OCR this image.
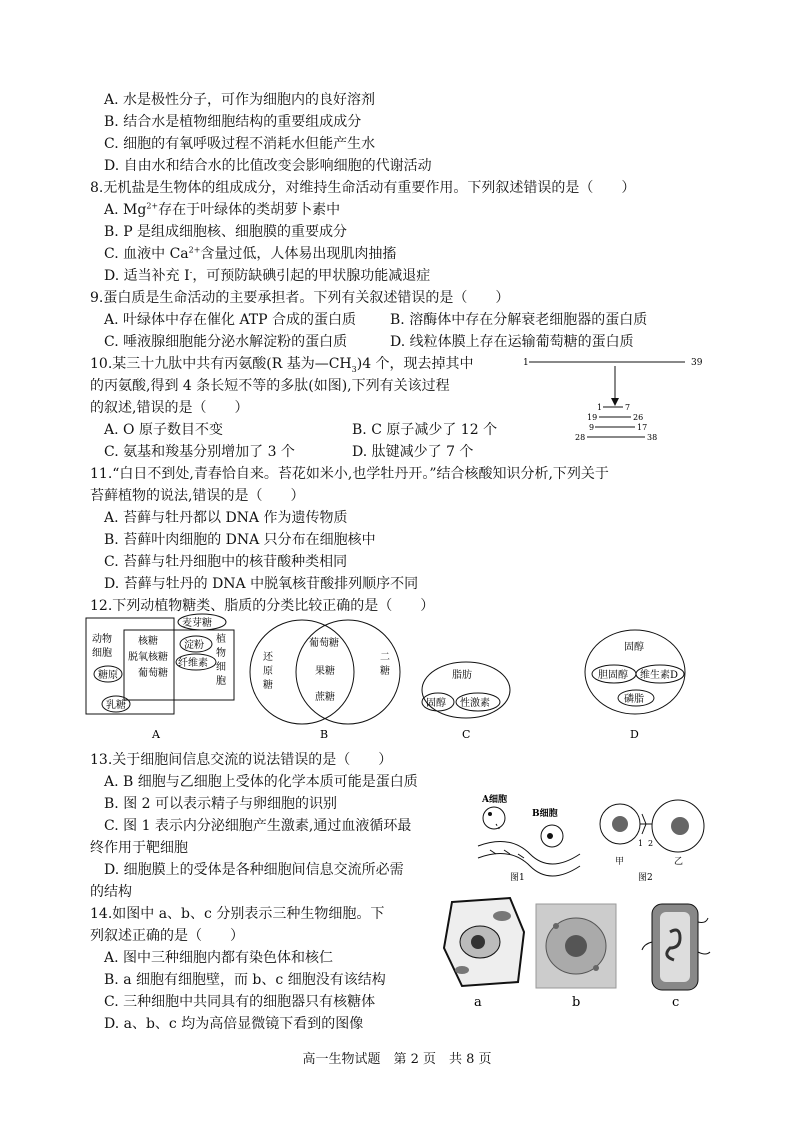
A. 水是极性分子，可作为细胞内的良好溶剂
B. 结合水是植物细胞结构的重要组成成分
C. 细胞的有氧呼吸过程不消耗水但能产生水
D. 自由水和结合水的比值改变会影响细胞的代谢活动
8.无机盐是生物体的组成成分，对维持生命活动有重要作用。下列叙述错误的是（　　）
A. $Mg^{2+}$存在于叶绿体的类胡萝卜素中
B. P 是组成细胞核、细胞膜的重要成分
C. 血液中 $Ca^{2+}$含量过低，人体易出现肌肉抽搐
D. 适当补充 I-，可预防缺碘引起的甲状腺功能减退症
9.蛋白质是生命活动的主要承担者。下列有关叙述错误的是（　　）
A. 叶绿体中存在催化 ATP 合成的蛋白质 B. 溶酶体中存在分解衰老细胞器的蛋白质
C. 唾液腺细胞能分泌水解淀粉的蛋白质	D. 线粒体膜上存在运输葡萄糖的蛋白质
10.某三十九肽中共有丙氨酸(R 基为$—CH_3)4$ 个，现去掉其中
的丙氨酸,得到 4 条长短不等的多肽(如图),下列有关该过程
的叙述,错误的是（　　）
A. O 原子数目不变	B. C 原子减少了 12 个
C. 氨基和羧基分别增加了 3 个	D. 肽键减少了 7 个
1	39
1	7
19	26
9	17
28	38
11.“白日不到处,青春恰自来。苔花如米小,也学牡丹开。”结合核酸知识分析,下列关于
苔藓植物的说法,错误的是（　　）
A. 苔藓与牡丹都以 DNA 作为遗传物质
B. 苔藓叶肉细胞的 DNA 只分布在细胞核中
C. 苔藓与牡丹细胞中的核苷酸种类相同
D. 苔藓与牡丹的 DNA 中脱氧核苷酸排列顺序不同
12.下列动植物糖类、脂质的分类比较正确的是（　　）
动物
细胞
核糖
脱氧核糖
葡萄糖
麦芽糖
淀粉
纤维素
植
物
细
胞
糖原
乳糖
A
还
原
糖
二
糖
葡萄糖
果糖
蔗糖
B
脂肪
固醇 性激素
C
固醇
胆固醇 维生素D
磷脂
D
13.关于细胞间信息交流的说法错误的是（　　）
A. B 细胞与乙细胞上受体的化学本质可能是蛋白质
B. 图 2 可以表示精子与卵细胞的识别
C. 图 1 表示内分泌细胞产生激素,通过血液循环最
终作用于靶细胞
D. 细胞膜上的受体是各种细胞间信息交流所必需
的结构
A细胞
B细胞
图1
1 2
甲	乙
图2
14.如图中 a、b、c 分别表示三种生物细胞。下
列叙述正确的是（　　）
A. 图中三种细胞内都有染色体和核仁
B. a 细胞有细胞壁，而 b、c 细胞没有该结构
C. 三种细胞中共同具有的细胞器只有核糖体
D. a、b、c 均为高倍显微镜下看到的图像
a	b	c
高一生物试题　第 2 页　共 8 页
